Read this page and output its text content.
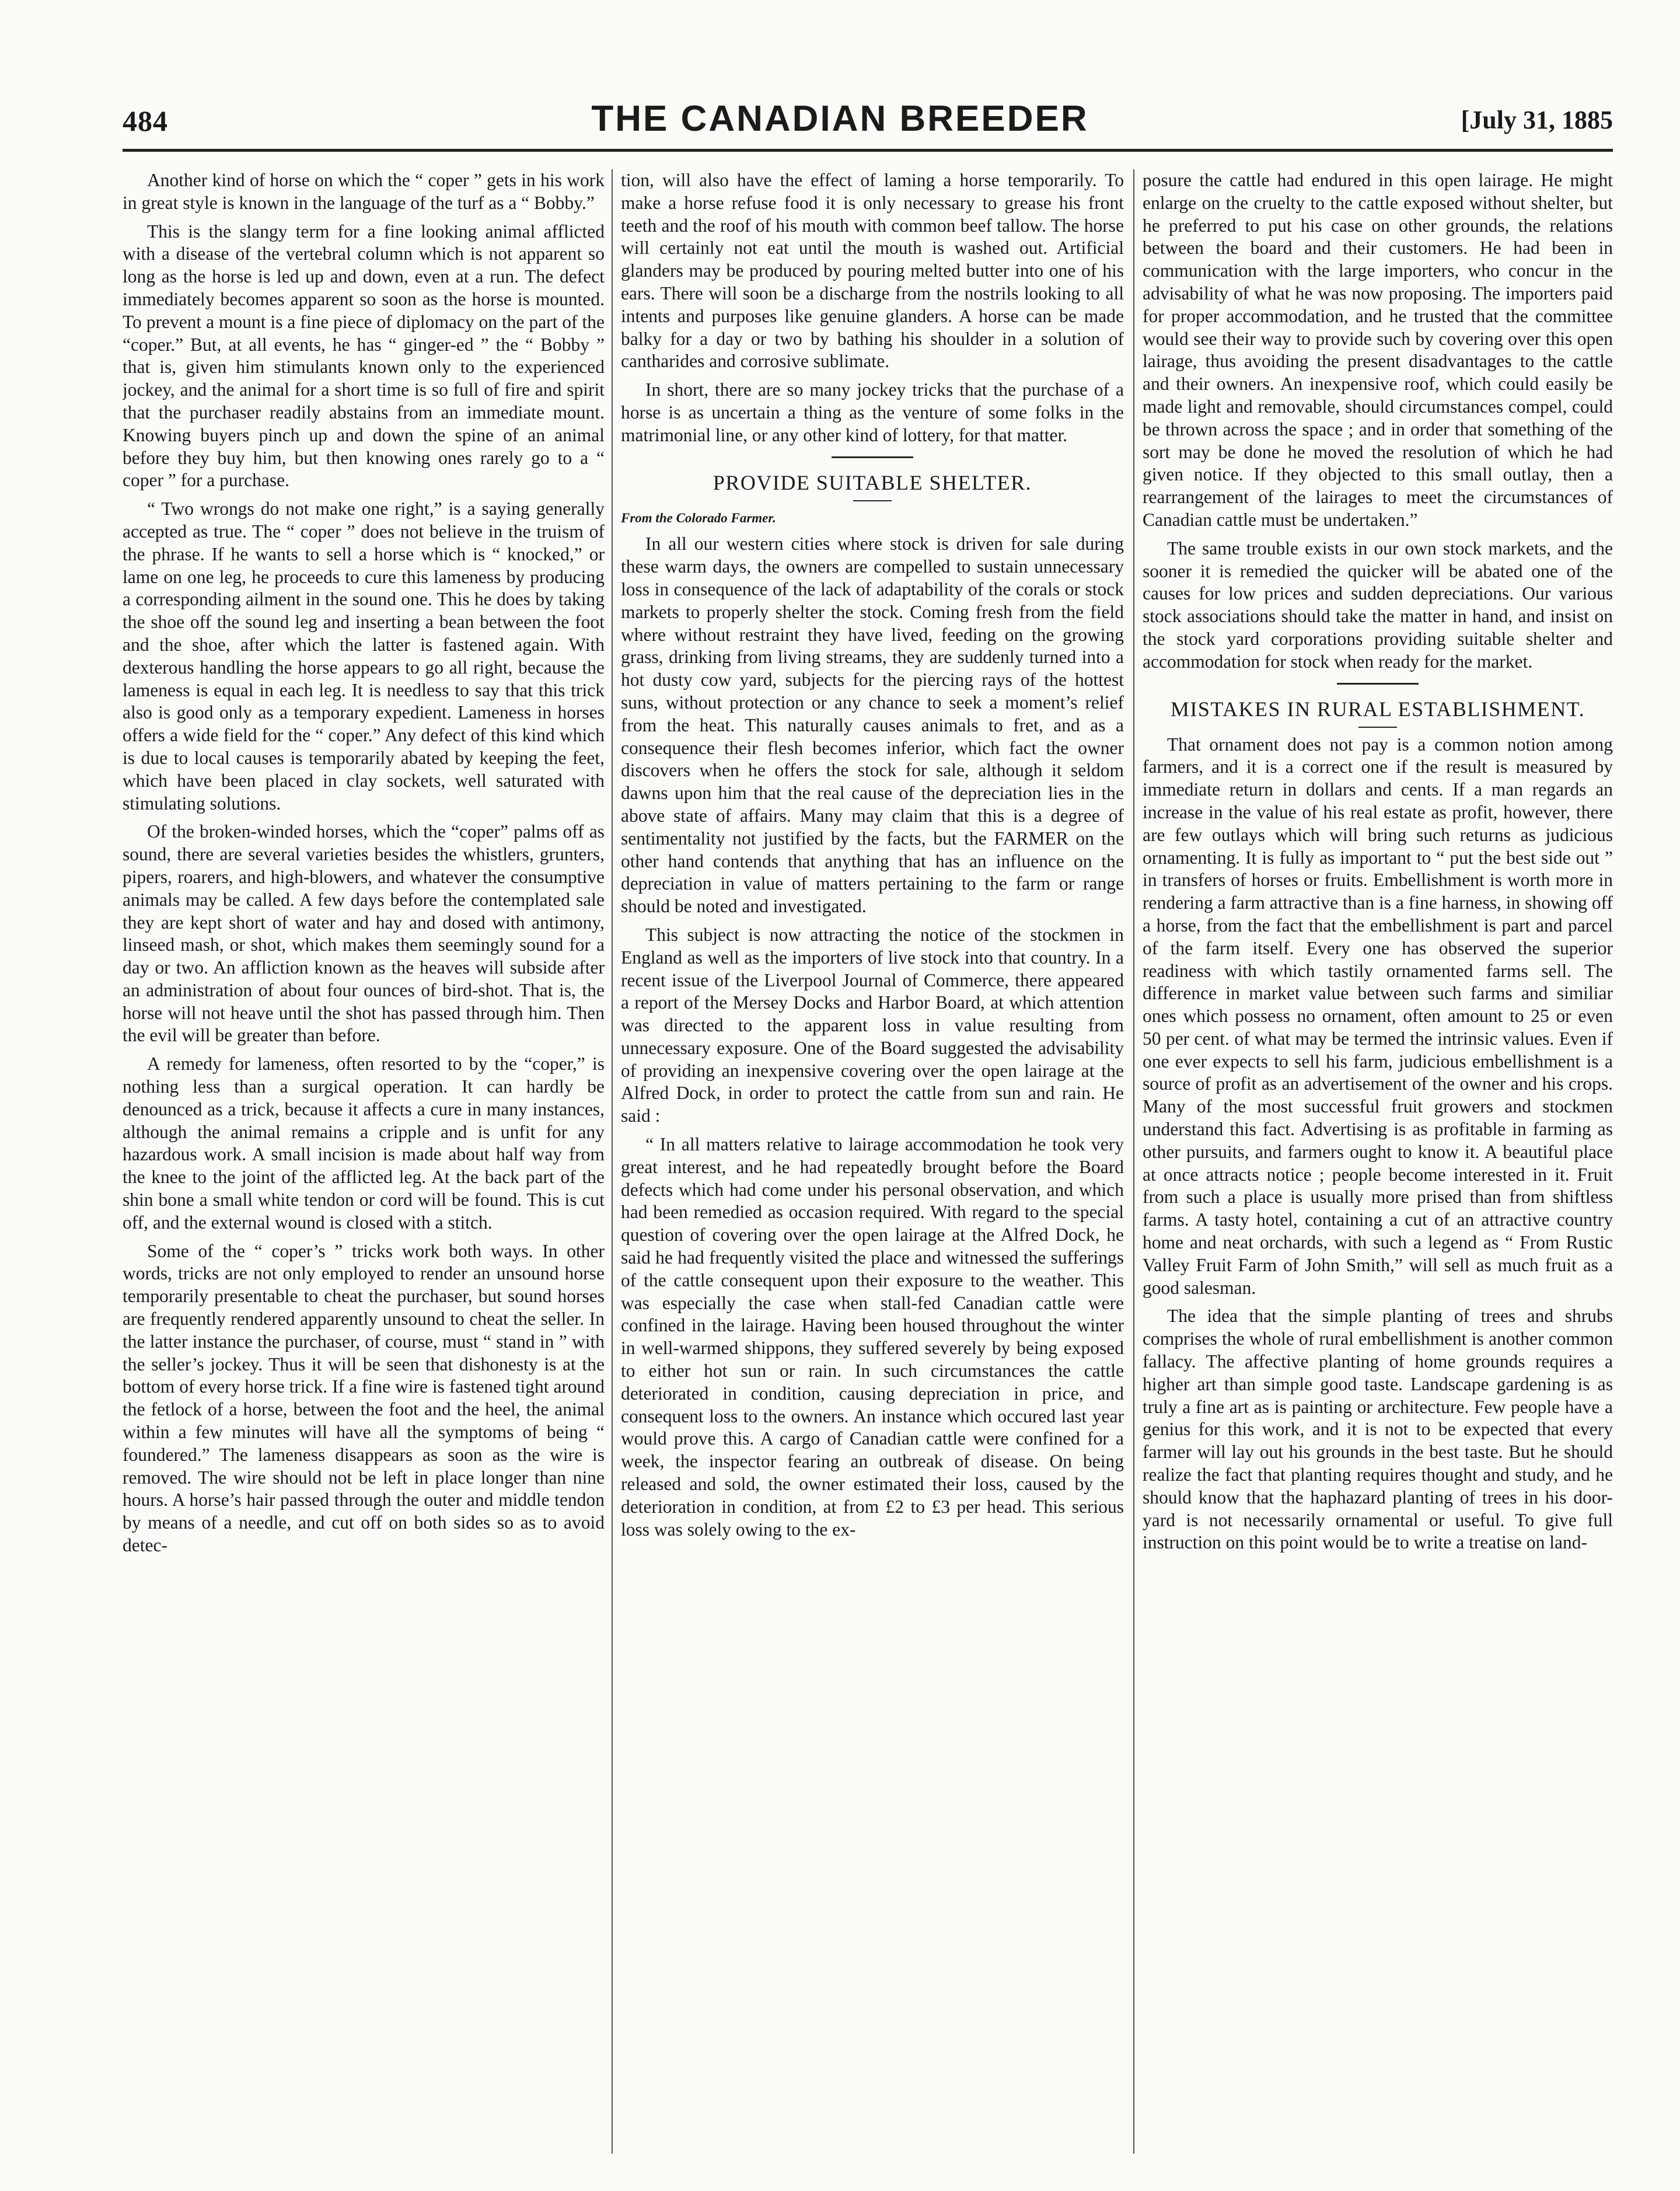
484	THE CANADIAN BREEDER	[July 31, 1885

Another kind of horse on which the “ coper ” gets in his work in great style is known in the language of the turf as a “ Bobby.”

This is the slangy term for a fine looking animal afflicted with a disease of the vertebral column which is not apparent so long as the horse is led up and down, even at a run. The defect immediately becomes apparent so soon as the horse is mounted. To prevent a mount is a fine piece of diplomacy on the part of the “coper.” But, at all events, he has “ ginger-ed ” the “ Bobby ” that is, given him stimulants known only to the experienced jockey, and the animal for a short time is so full of fire and spirit that the purchaser readily abstains from an immediate mount. Knowing buyers pinch up and down the spine of an animal before they buy him, but then knowing ones rarely go to a “ coper ” for a purchase.

“ Two wrongs do not make one right,” is a saying generally accepted as true. The “ coper ” does not believe in the truism of the phrase. If he wants to sell a horse which is “ knocked,” or lame on one leg, he proceeds to cure this lameness by producing a corresponding ailment in the sound one. This he does by taking the shoe off the sound leg and inserting a bean between the foot and the shoe, after which the latter is fastened again. With dexterous handling the horse appears to go all right, because the lameness is equal in each leg. It is needless to say that this trick also is good only as a temporary expedient. Lameness in horses offers a wide field for the “ coper.” Any defect of this kind which is due to local causes is temporarily abated by keeping the feet, which have been placed in clay sockets, well saturated with stimulating solutions.

Of the broken-winded horses, which the “coper” palms off as sound, there are several varieties besides the whistlers, grunters, pipers, roarers, and high-blowers, and whatever the consumptive animals may be called. A few days before the contemplated sale they are kept short of water and hay and dosed with antimony, linseed mash, or shot, which makes them seemingly sound for a day or two. An affliction known as the heaves will subside after an administration of about four ounces of bird-shot. That is, the horse will not heave until the shot has passed through him. Then the evil will be greater than before.

A remedy for lameness, often resorted to by the “coper,” is nothing less than a surgical operation. It can hardly be denounced as a trick, because it affects a cure in many instances, although the animal remains a cripple and is unfit for any hazardous work. A small incision is made about half way from the knee to the joint of the afflicted leg. At the back part of the shin bone a small white tendon or cord will be found. This is cut off, and the external wound is closed with a stitch.

Some of the “ coper’s ” tricks work both ways. In other words, tricks are not only employed to render an unsound horse temporarily presentable to cheat the purchaser, but sound horses are frequently rendered apparently unsound to cheat the seller. In the latter instance the purchaser, of course, must “ stand in ” with the seller’s jockey. Thus it will be seen that dishonesty is at the bottom of every horse trick. If a fine wire is fastened tight around the fetlock of a horse, between the foot and the heel, the animal within a few minutes will have all the symptoms of being “ foundered.” The lameness disappears as soon as the wire is removed. The wire should not be left in place longer than nine hours. A horse’s hair passed through the outer and middle tendon by means of a needle, and cut off on both sides so as to avoid detec-

tion, will also have the effect of laming a horse temporarily. To make a horse refuse food it is only necessary to grease his front teeth and the roof of his mouth with common beef tallow. The horse will certainly not eat until the mouth is washed out. Artificial glanders may be produced by pouring melted butter into one of his ears. There will soon be a discharge from the nostrils looking to all intents and purposes like genuine glanders. A horse can be made balky for a day or two by bathing his shoulder in a solution of cantharides and corrosive sublimate.

In short, there are so many jockey tricks that the purchase of a horse is as uncertain a thing as the venture of some folks in the matrimonial line, or any other kind of lottery, for that matter.

PROVIDE SUITABLE SHELTER.
From the Colorado Farmer.

In all our western cities where stock is driven for sale during these warm days, the owners are compelled to sustain unnecessary loss in consequence of the lack of adaptability of the corals or stock markets to properly shelter the stock. Coming fresh from the field where without restraint they have lived, feeding on the growing grass, drinking from living streams, they are suddenly turned into a hot dusty cow yard, subjects for the piercing rays of the hottest suns, without protection or any chance to seek a moment’s relief from the heat. This naturally causes animals to fret, and as a consequence their flesh becomes inferior, which fact the owner discovers when he offers the stock for sale, although it seldom dawns upon him that the real cause of the depreciation lies in the above state of affairs. Many may claim that this is a degree of sentimentality not justified by the facts, but the FARMER on the other hand contends that anything that has an influence on the depreciation in value of matters pertaining to the farm or range should be noted and investigated.

This subject is now attracting the notice of the stockmen in England as well as the importers of live stock into that country. In a recent issue of the Liverpool Journal of Commerce, there appeared a report of the Mersey Docks and Harbor Board, at which attention was directed to the apparent loss in value resulting from unnecessary exposure. One of the Board suggested the advisability of providing an inexpensive covering over the open lairage at the Alfred Dock, in order to protect the cattle from sun and rain. He said :

“ In all matters relative to lairage accommodation he took very great interest, and he had repeatedly brought before the Board defects which had come under his personal observation, and which had been remedied as occasion required. With regard to the special question of covering over the open lairage at the Alfred Dock, he said he had frequently visited the place and witnessed the sufferings of the cattle consequent upon their exposure to the weather. This was especially the case when stall-fed Canadian cattle were confined in the lairage. Having been housed throughout the winter in well-warmed shippons, they suffered severely by being exposed to either hot sun or rain. In such circumstances the cattle deteriorated in condition, causing depreciation in price, and consequent loss to the owners. An instance which occured last year would prove this. A cargo of Canadian cattle were confined for a week, the inspector fearing an outbreak of disease. On being released and sold, the owner estimated their loss, caused by the deterioration in condition, at from £2 to £3 per head. This serious loss was solely owing to the ex-

posure the cattle had endured in this open lairage. He might enlarge on the cruelty to the cattle exposed without shelter, but he preferred to put his case on other grounds, the relations between the board and their customers. He had been in communication with the large importers, who concur in the advisability of what he was now proposing. The importers paid for proper accommodation, and he trusted that the committee would see their way to provide such by covering over this open lairage, thus avoiding the present disadvantages to the cattle and their owners. An inexpensive roof, which could easily be made light and removable, should circumstances compel, could be thrown across the space ; and in order that something of the sort may be done he moved the resolution of which he had given notice. If they objected to this small outlay, then a rearrangement of the lairages to meet the circumstances of Canadian cattle must be undertaken.”

The same trouble exists in our own stock markets, and the sooner it is remedied the quicker will be abated one of the causes for low prices and sudden depreciations. Our various stock associations should take the matter in hand, and insist on the stock yard corporations providing suitable shelter and accommodation for stock when ready for the market.

MISTAKES IN RURAL ESTABLISHMENT.

That ornament does not pay is a common notion among farmers, and it is a correct one if the result is measured by immediate return in dollars and cents. If a man regards an increase in the value of his real estate as profit, however, there are few outlays which will bring such returns as judicious ornamenting. It is fully as important to “ put the best side out ” in transfers of horses or fruits. Embellishment is worth more in rendering a farm attractive than is a fine harness, in showing off a horse, from the fact that the embellishment is part and parcel of the farm itself. Every one has observed the superior readiness with which tastily ornamented farms sell. The difference in market value between such farms and similiar ones which possess no ornament, often amount to 25 or even 50 per cent. of what may be termed the intrinsic values. Even if one ever expects to sell his farm, judicious embellishment is a source of profit as an advertisement of the owner and his crops. Many of the most successful fruit growers and stockmen understand this fact. Advertising is as profitable in farming as other pursuits, and farmers ought to know it. A beautiful place at once attracts notice ; people become interested in it. Fruit from such a place is usually more prised than from shiftless farms. A tasty hotel, containing a cut of an attractive country home and neat orchards, with such a legend as “ From Rustic Valley Fruit Farm of John Smith,” will sell as much fruit as a good salesman.

The idea that the simple planting of trees and shrubs comprises the whole of rural embellishment is another common fallacy. The affective planting of home grounds requires a higher art than simple good taste. Landscape gardening is as truly a fine art as is painting or architecture. Few people have a genius for this work, and it is not to be expected that every farmer will lay out his grounds in the best taste. But he should realize the fact that planting requires thought and study, and he should know that the haphazard planting of trees in his door-yard is not necessarily ornamental or useful. To give full instruction on this point would be to write a treatise on land-
